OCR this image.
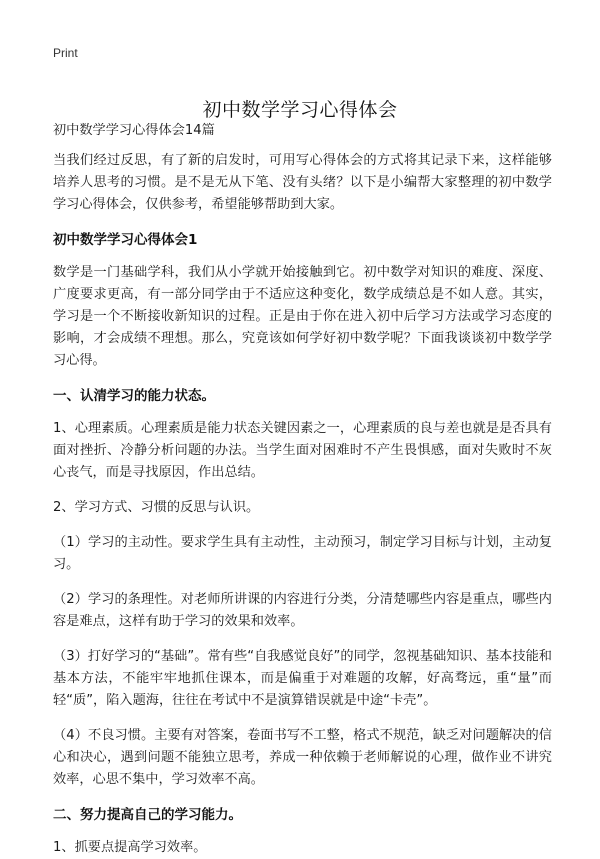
Print
初中数学学习心得体会

初中数学学习心得体会14篇

当我们经过反思，有了新的启发时，可用写心得体会的方式将其记录下来，这样能够培养人思考的习惯。是不是无从下笔、没有头绪？以下是小编帮大家整理的初中数学学习心得体会，仅供参考，希望能够帮助到大家。

初中数学学习心得体会1

数学是一门基础学科，我们从小学就开始接触到它。初中数学对知识的难度、深度、广度要求更高，有一部分同学由于不适应这种变化，数学成绩总是不如人意。其实，学习是一个不断接收新知识的过程。正是由于你在进入初中后学习方法或学习态度的影响，才会成绩不理想。那么，究竟该如何学好初中数学呢？下面我谈谈初中数学学习心得。

一、认清学习的能力状态。

1、心理素质。心理素质是能力状态关键因素之一，心理素质的良与差也就是是否具有面对挫折、冷静分析问题的办法。当学生面对困难时不产生畏惧感，面对失败时不灰心丧气，而是寻找原因，作出总结。

2、学习方式、习惯的反思与认识。

（1）学习的主动性。要求学生具有主动性，主动预习，制定学习目标与计划，主动复习。

（2）学习的条理性。对老师所讲课的内容进行分类，分清楚哪些内容是重点，哪些内容是难点，这样有助于学习的效果和效率。

（3）打好学习的“基础”。常有些“自我感觉良好”的同学，忽视基础知识、基本技能和基本方法，不能牢牢地抓住课本，而是偏重于对难题的攻解，好高骛远，重“量”而轻“质”，陷入题海，往往在考试中不是演算错误就是中途“卡壳”。

（4）不良习惯。主要有对答案，卷面书写不工整，格式不规范，缺乏对问题解决的信心和决心，遇到问题不能独立思考，养成一种依赖于老师解说的心理，做作业不讲究效率，心思不集中，学习效率不高。

二、努力提高自己的学习能力。

1、抓要点提高学习效率。
